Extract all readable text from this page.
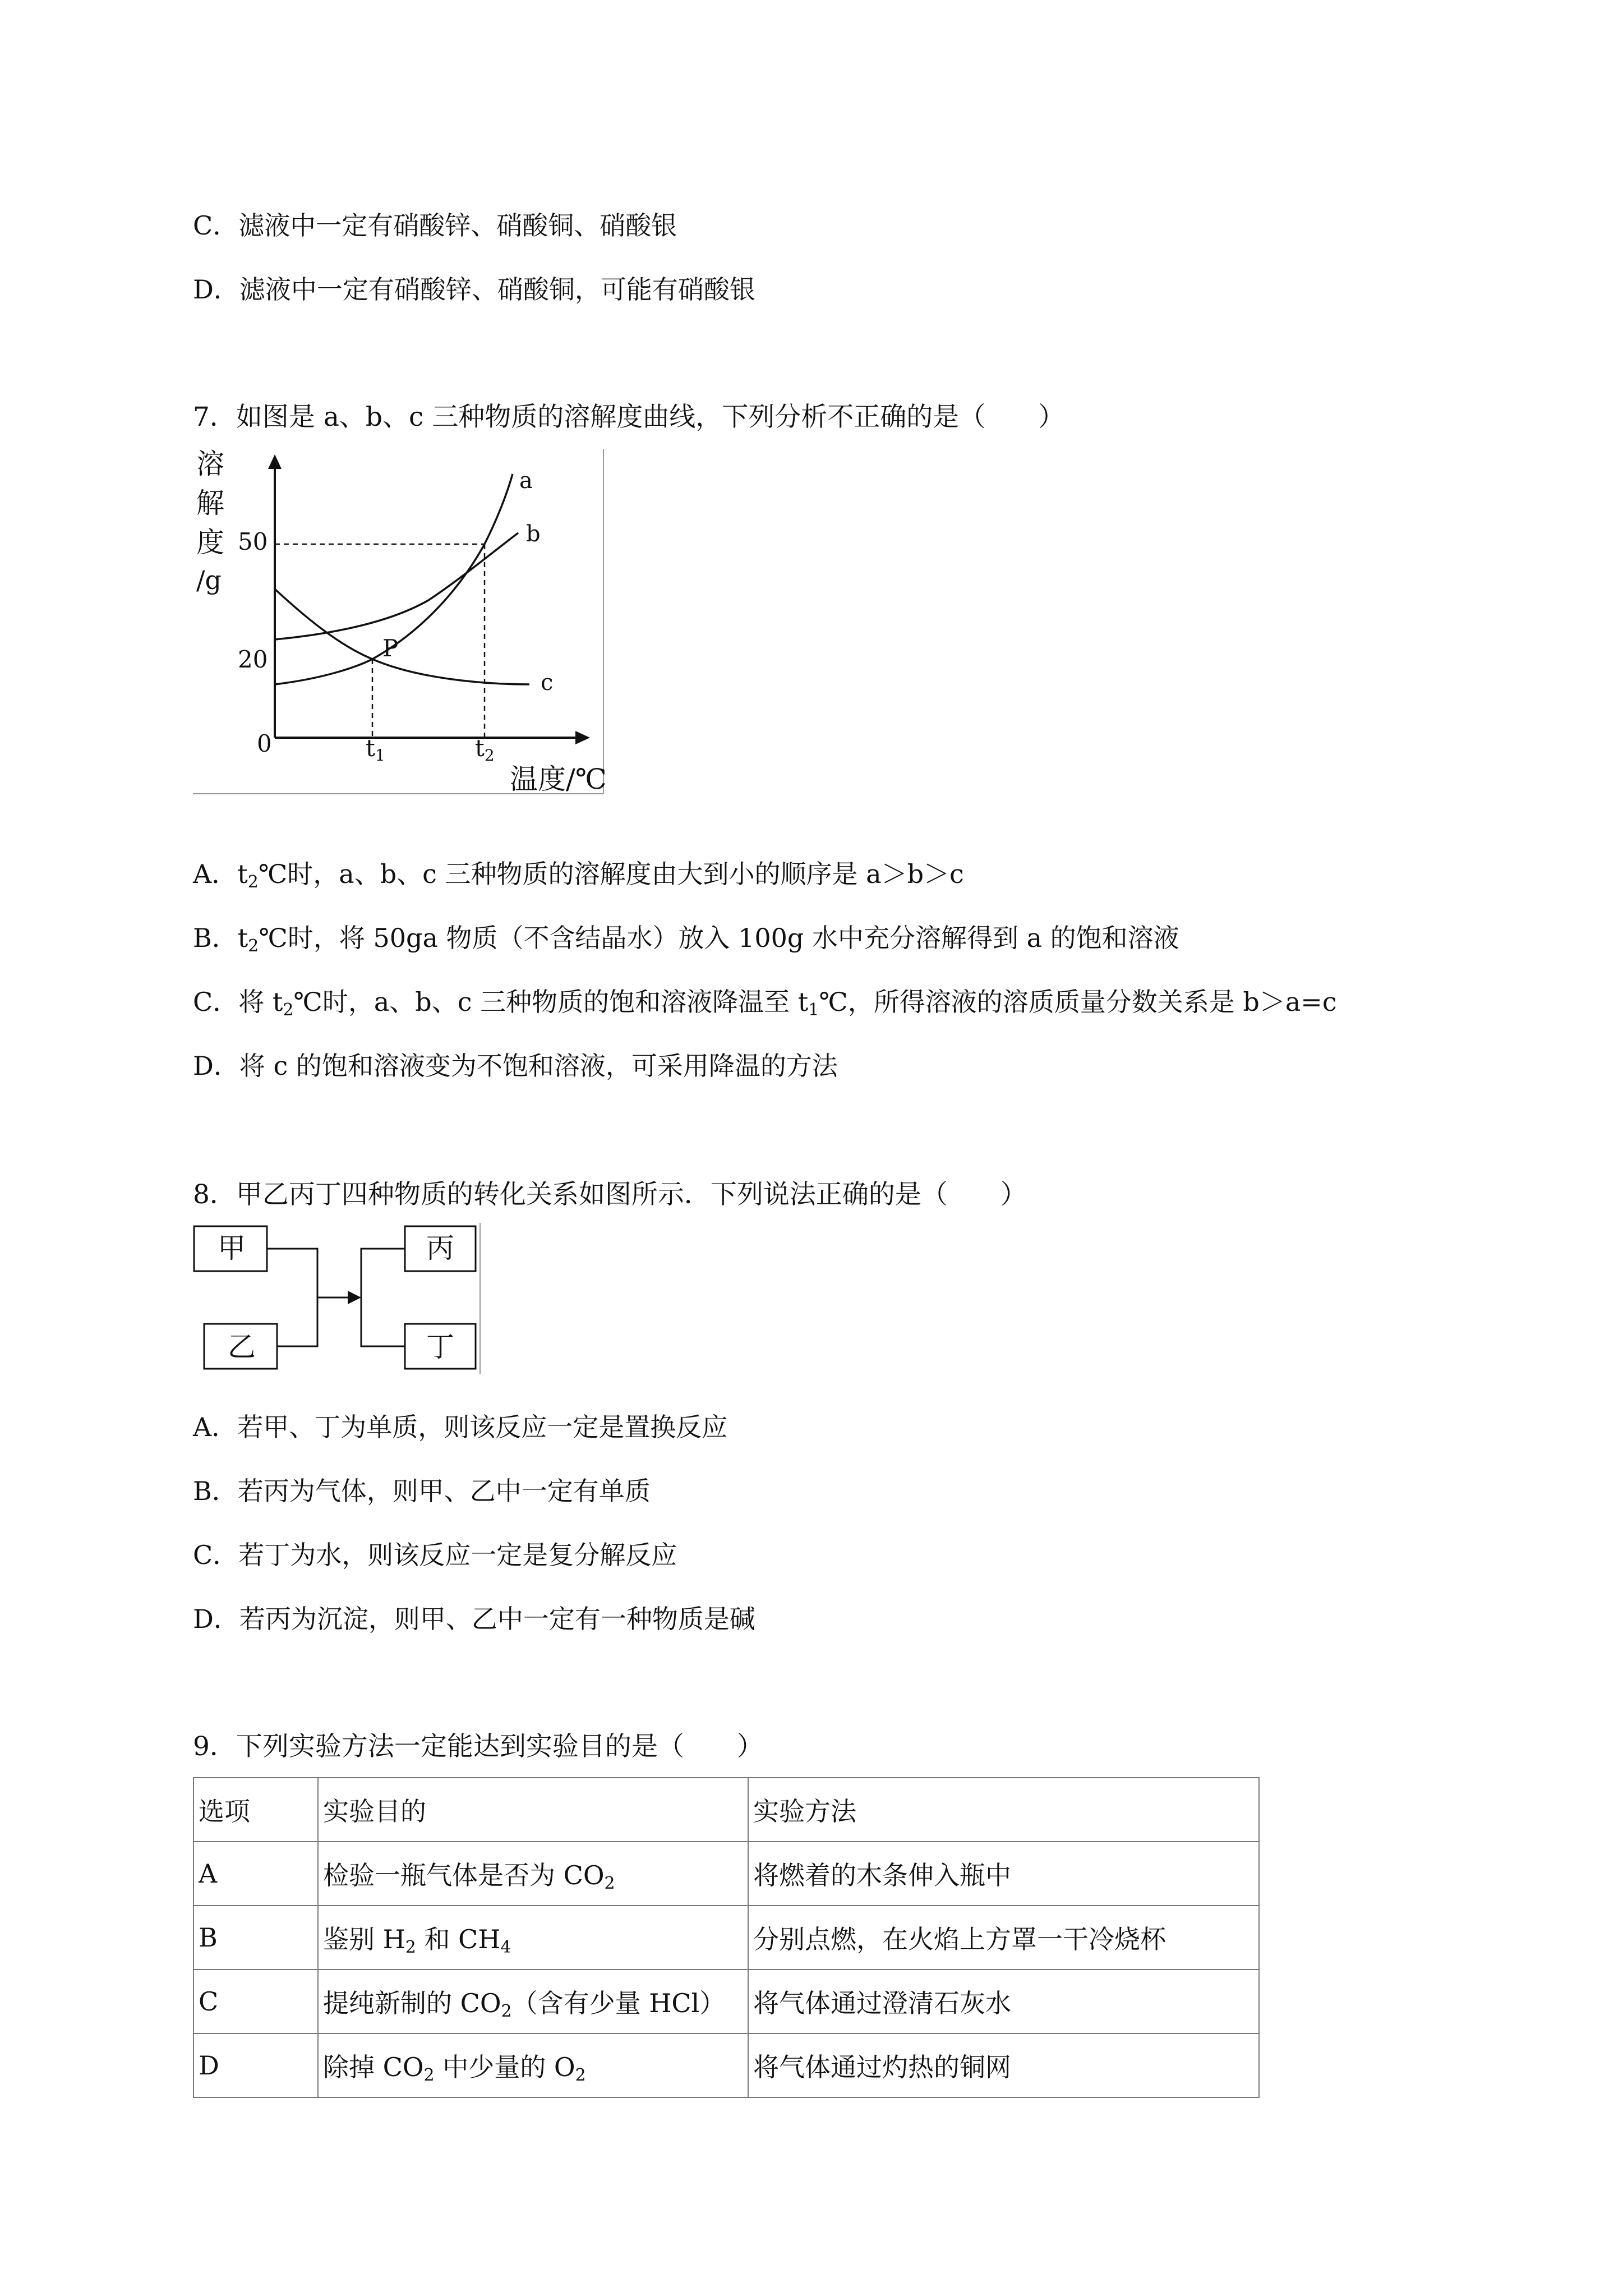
C．滤液中一定有硝酸锌、硝酸铜、硝酸银
D．滤液中一定有硝酸锌、硝酸铜，可能有硝酸银
7．如图是 a、b、c 三种物质的溶解度曲线，下列分析不正确的是（　　）
溶
解
度
/g
50
20
0	t1	t2
温度/℃
P
a
b
c
A．$t_2℃$时，a、b、c 三种物质的溶解度由大到小的顺序是 a＞b＞c
B．$t_2℃$时，将 50ga 物质（不含结晶水）放入 100g 水中充分溶解得到 a 的饱和溶液
C．将 $t_2℃$时，a、b、c 三种物质的饱和溶液降温至 $t_1℃$，所得溶液的溶质质量分数关系是 b＞a=c
D．将 c 的饱和溶液变为不饱和溶液，可采用降温的方法
8．甲乙丙丁四种物质的转化关系如图所示．下列说法正确的是（　　）
甲
乙
丙
丁
A．若甲、丁为单质，则该反应一定是置换反应
B．若丙为气体，则甲、乙中一定有单质
C．若丁为水，则该反应一定是复分解反应
D．若丙为沉淀，则甲、乙中一定有一种物质是碱
9．下列实验方法一定能达到实验目的是（　　）
选项	实验目的	实验方法
A	检验一瓶气体是否为 $CO_2$	将燃着的木条伸入瓶中
B	鉴别 $H_2$ 和 $CH_4$	分别点燃，在火焰上方罩一干冷烧杯
C	提纯新制的 $CO_2$（含有少量 HCl）	将气体通过澄清石灰水
D	除掉 $CO_2$ 中少量的 $O_2$	将气体通过灼热的铜网
